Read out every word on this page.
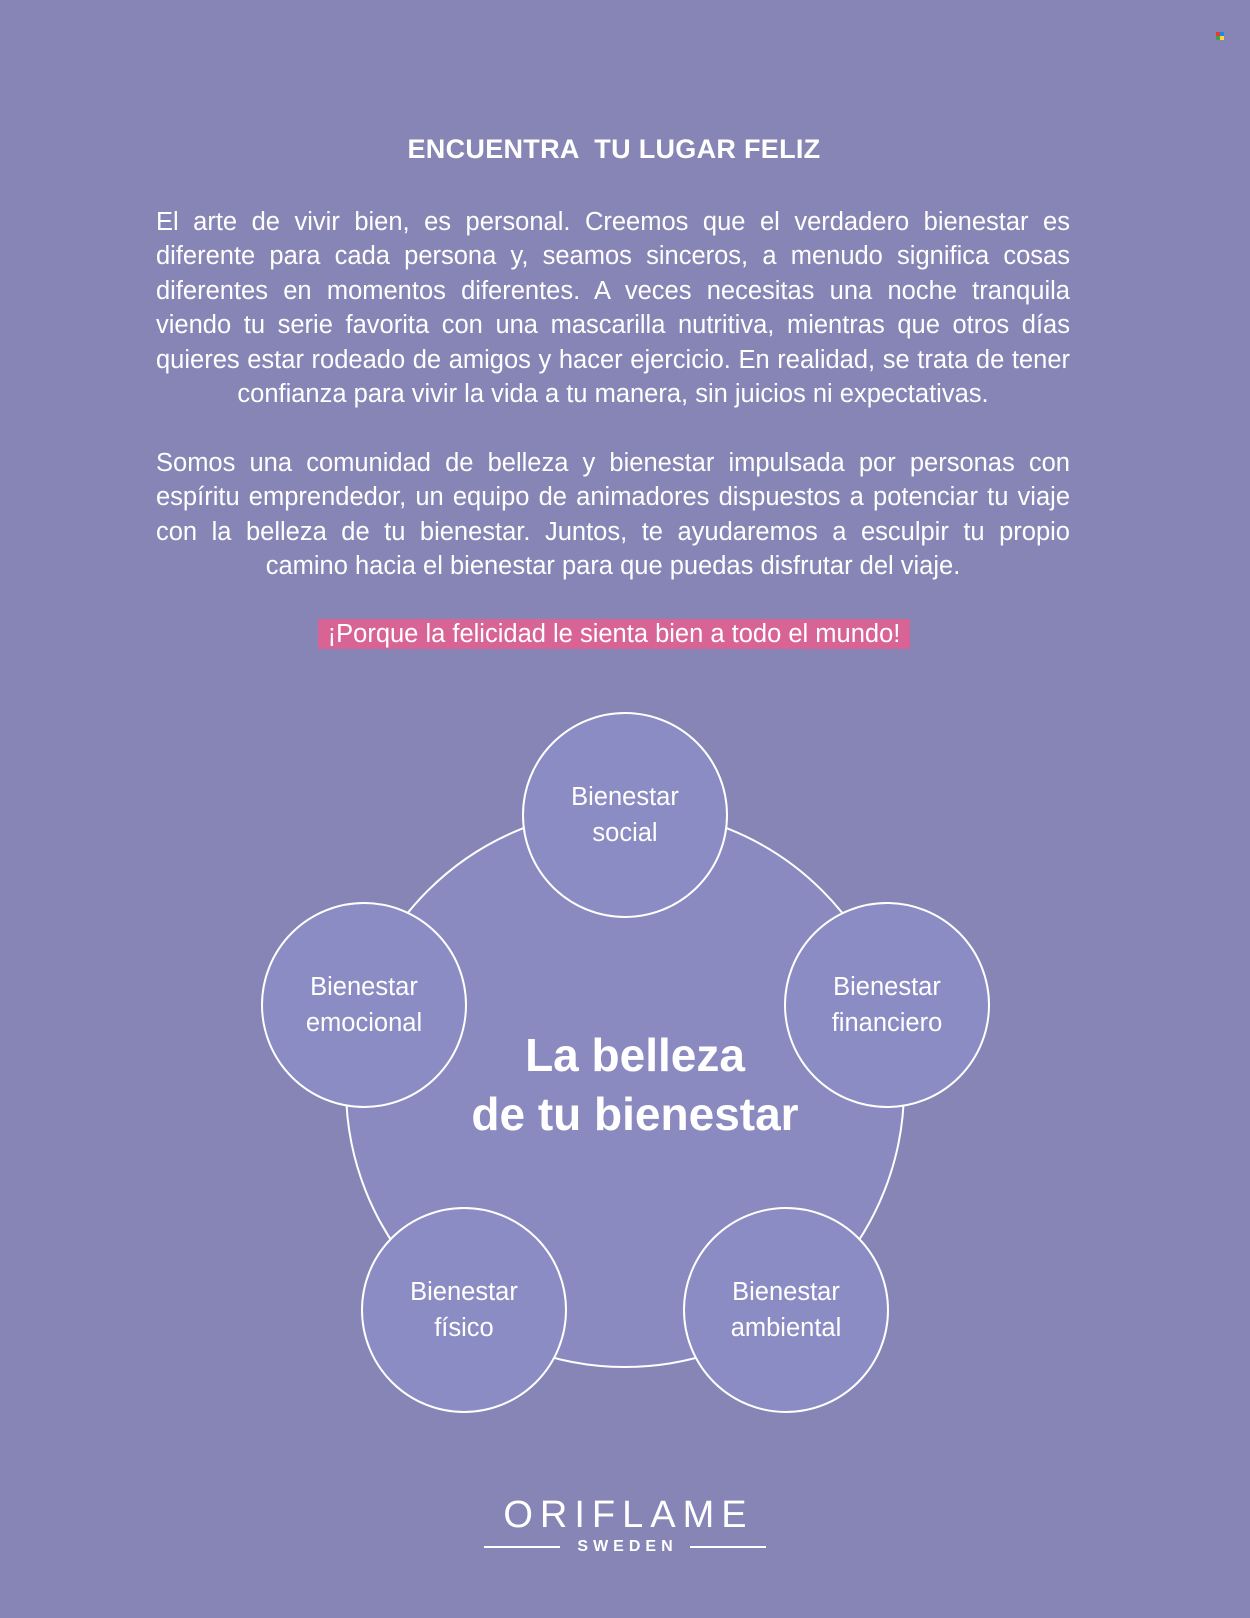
ENCUENTRA  TU LUGAR FELIZ

El arte de vivir bien, es personal. Creemos que el verdadero bienestar es diferente para cada persona y, seamos sinceros, a menudo significa cosas diferentes en momentos diferentes. A veces necesitas una noche tranquila viendo tu serie favorita con una mascarilla nutritiva, mientras que otros días quieres estar rodeado de amigos y hacer ejercicio. En realidad, se trata de tener confianza para vivir la vida a tu manera, sin juicios ni expectativas.

Somos una comunidad de belleza y bienestar impulsada por personas con espíritu emprendedor, un equipo de animadores dispuestos a potenciar tu viaje con la belleza de tu bienestar. Juntos, te ayudaremos a esculpir tu propio camino hacia el bienestar para que puedas disfrutar del viaje.

¡Porque la felicidad le sienta bien a todo el mundo!
La belleza
de tu bienestar
Bienestar
social
Bienestar
emocional
Bienestar
financiero
Bienestar
físico
Bienestar
ambiental
ORIFLAME
SWEDEN
